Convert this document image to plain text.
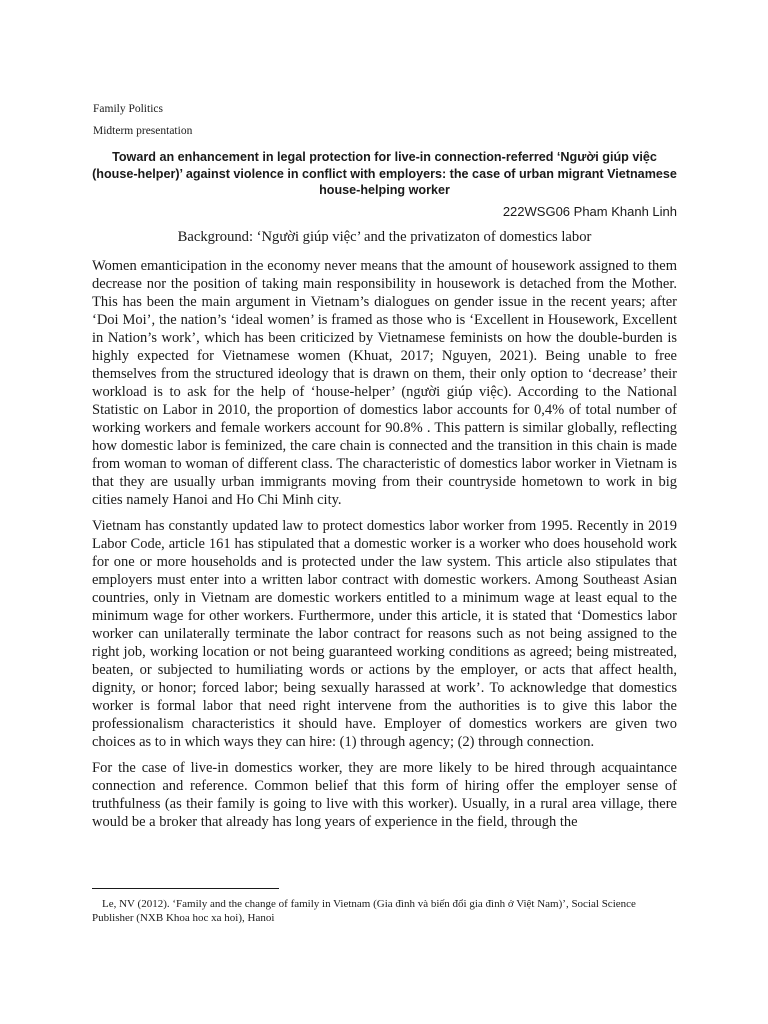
Family Politics

Midterm presentation

Toward an enhancement in legal protection for live-in connection-referred ‘Người giúp việc (house-helper)’ against violence in conflict with employers: the case of urban migrant Vietnamese house-helping worker

222WSG06 Pham Khanh Linh

Background: ‘Người giúp việc’ and the privatizaton of domestics labor

Women emanticipation in the economy never means that the amount of housework assigned to them decrease nor the position of taking main responsibility in housework is detached from the Mother. This has been the main argument in Vietnam’s dialogues on gender issue in the recent years; after ‘Doi Moi’, the nation’s ‘ideal women’ is framed as those who is ‘Excellent in Housework, Excellent in Nation’s work’, which has been criticized by Vietnamese feminists on how the double-burden is highly expected for Vietnamese women (Khuat, 2017; Nguyen, 2021). Being unable to free themselves from the structured ideology that is drawn on them, their only option to ‘decrease’ their workload is to ask for the help of ‘house-helper’ (người giúp việc). According to the National Statistic on Labor in 2010, the proportion of domestics labor accounts for 0,4% of total number of working workers and female workers account for 90.8% . This pattern is similar globally, reflecting how domestic labor is feminized, the care chain is connected and the transition in this chain is made from woman to woman of different class. The characteristic of domestics labor worker in Vietnam is that they are usually urban immigrants moving from their countryside hometown to work in big cities namely Hanoi and Ho Chi Minh city.

Vietnam has constantly updated law to protect domestics labor worker from 1995. Recently in 2019 Labor Code, article 161 has stipulated that a domestic worker is a worker who does household work for one or more households and is protected under the law system. This article also stipulates that employers must enter into a written labor contract with domestic workers. Among Southeast Asian countries, only in Vietnam are domestic workers entitled to a minimum wage at least equal to the minimum wage for other workers. Furthermore, under this article, it is stated that ‘Domestics labor worker can unilaterally terminate the labor contract for reasons such as not being assigned to the right job, working location or not being guaranteed working conditions as agreed; being mistreated, beaten, or subjected to humiliating words or actions by the employer, or acts that affect health, dignity, or honor; forced labor; being sexually harassed at work’. To acknowledge that domestics worker is formal labor that need right intervene from the authorities is to give this labor the professionalism characteristics it should have. Employer of domestics workers are given two choices as to in which ways they can hire: (1) through agency; (2) through connection.

For the case of live-in domestics worker, they are more likely to be hired through acquaintance connection and reference. Common belief that this form of hiring offer the employer sense of truthfulness (as their family is going to live with this worker). Usually, in a rural area village, there would be a broker that already has long years of experience in the field, through the

Le, NV (2012). ‘Family and the change of family in Vietnam (Gia đình và biến đổi gia đình ở Việt Nam)’, Social Science Publisher (NXB Khoa hoc xa hoi), Hanoi
